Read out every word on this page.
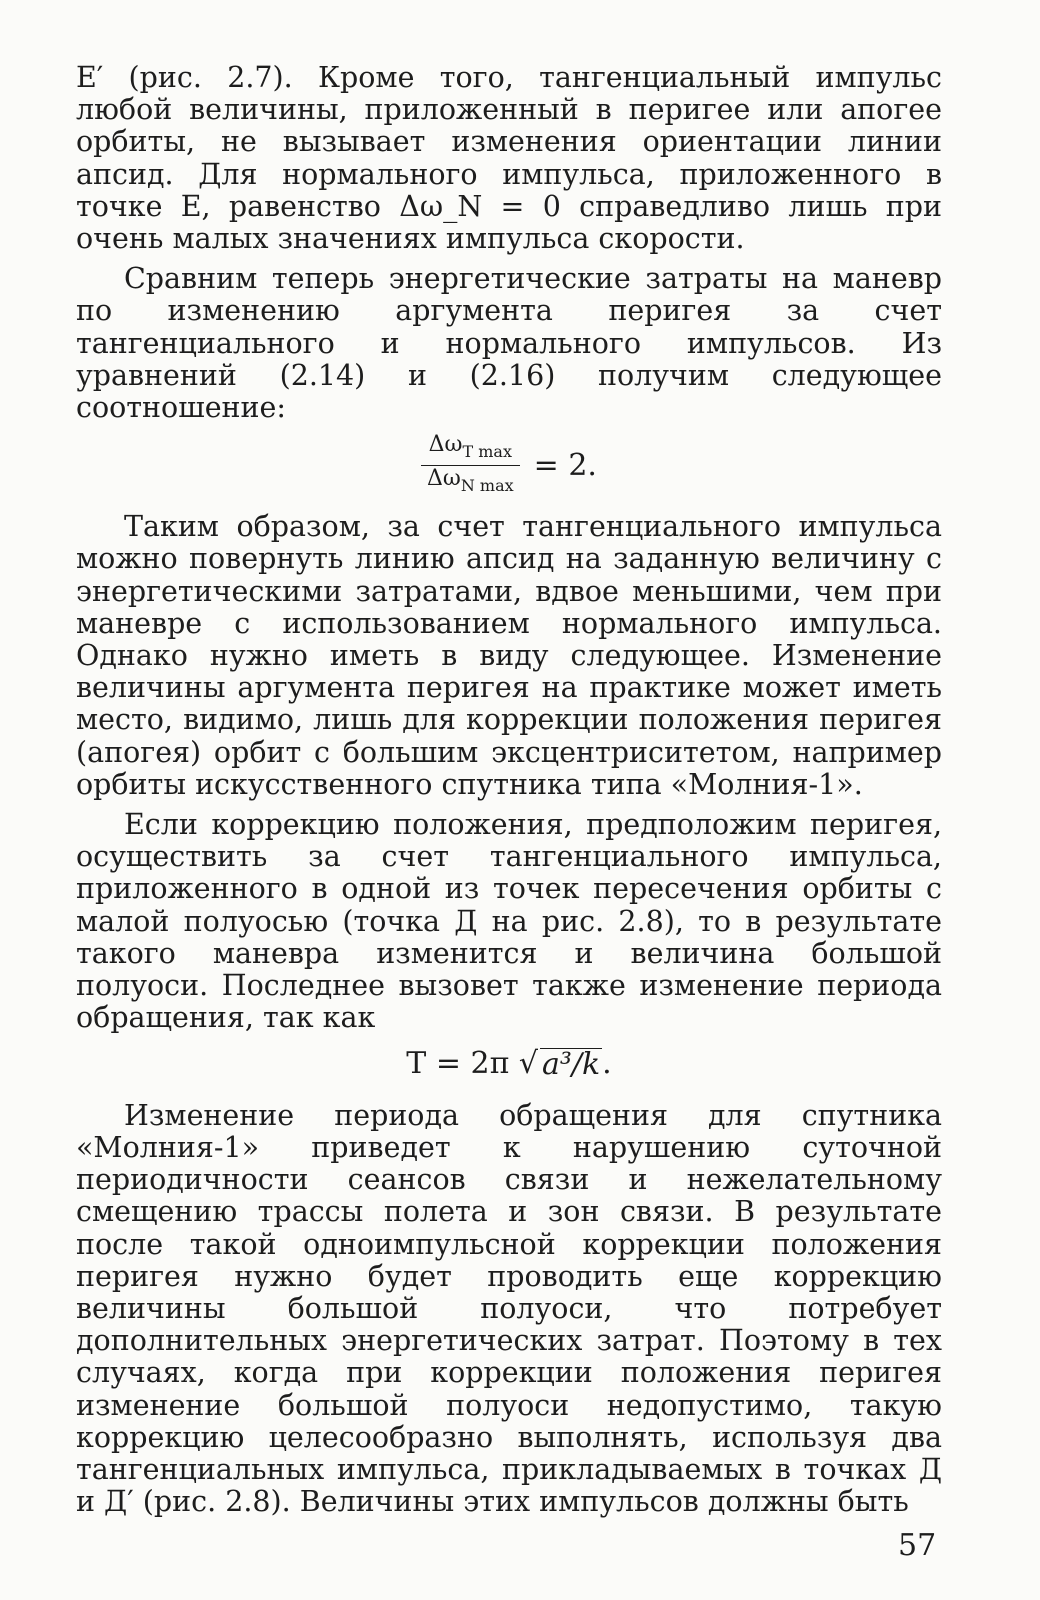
E′ (рис. 2.7). Кроме того, тангенциальный импульс любой величины, приложенный в перигее или апогее орбиты, не вызывает изменения ориентации линии апсид. Для нормального импульса, приложенного в точке E, равенство Δω_N = 0 справедливо лишь при очень малых значениях импульса скорости.

Сравним теперь энергетические затраты на маневр по изменению аргумента перигея за счет тангенциального и нормального импульсов. Из уравнений (2.14) и (2.16) получим следующее соотношение:

$\frac{\Delta\omega_{T max}}{\Delta\omega_{N max}} = 2$.

Таким образом, за счет тангенциального импульса можно повернуть линию апсид на заданную величину с энергетическими затратами, вдвое меньшими, чем при маневре с использованием нормального импульса. Однако нужно иметь в виду следующее. Изменение величины аргумента перигея на практике может иметь место, видимо, лишь для коррекции положения перигея (апогея) орбит с большим эксцентриситетом, например орбиты искусственного спутника типа «Молния-1».

Если коррекцию положения, предположим перигея, осуществить за счет тангенциального импульса, приложенного в одной из точек пересечения орбиты с малой полуосью (точка Д на рис. 2.8), то в результате такого маневра изменится и величина большой полуоси. Последнее вызовет также изменение периода обращения, так как

T = 2π √ a³/k .

Изменение периода обращения для спутника «Молния-1» приведет к нарушению суточной периодичности сеансов связи и нежелательному смещению трассы полета и зон связи. В результате после такой одноимпульсной коррекции положения перигея нужно будет проводить еще коррекцию величины большой полуоси, что потребует дополнительных энергетических затрат. Поэтому в тех случаях, когда при коррекции положения перигея изменение большой полуоси недопустимо, такую коррекцию целесообразно выполнять, используя два тангенциальных импульса, прикладываемых в точках Д и Д′ (рис. 2.8). Величины этих импульсов должны быть

57
